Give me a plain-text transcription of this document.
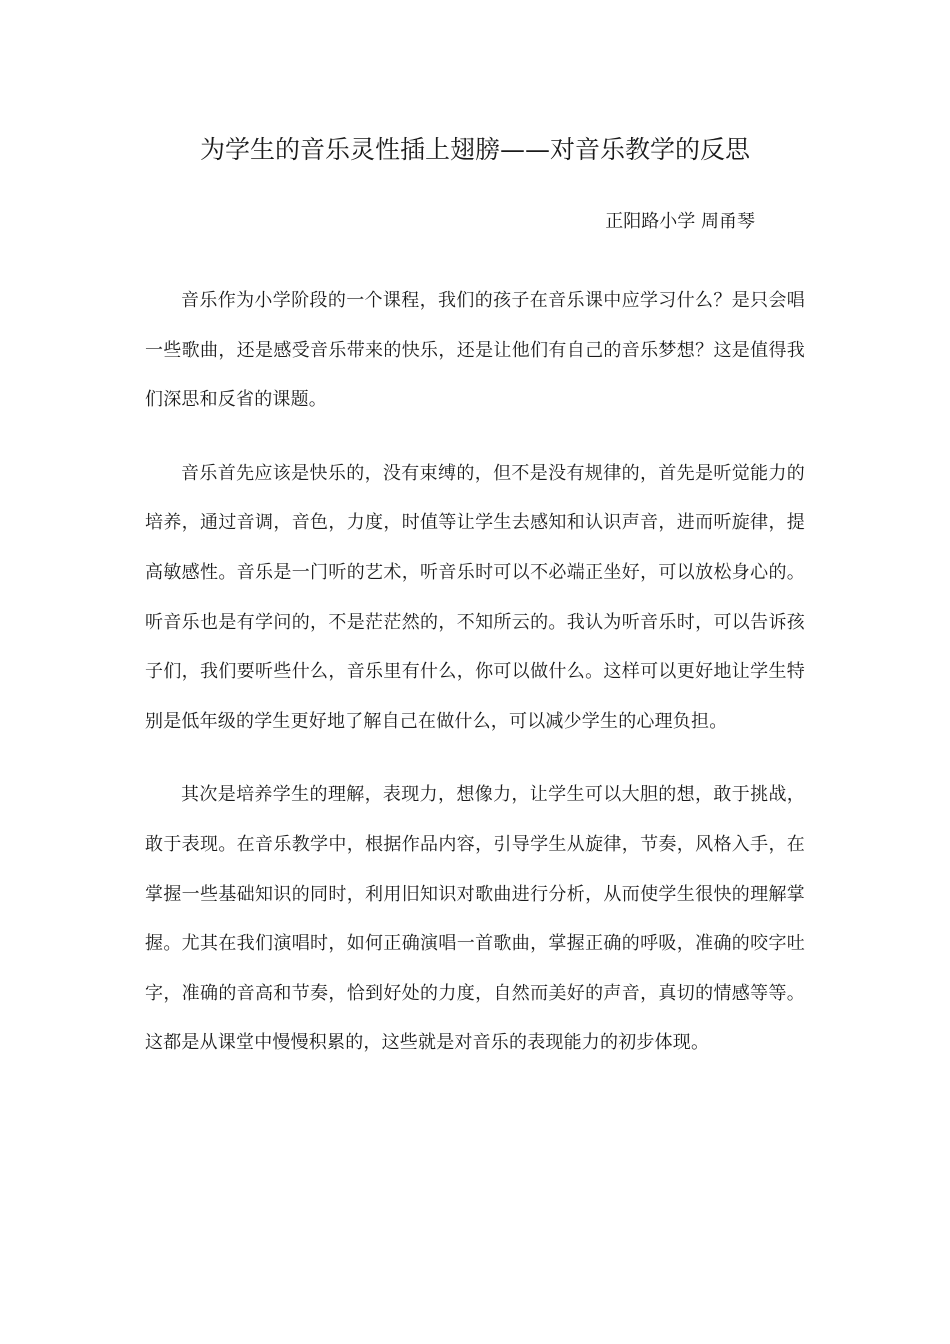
为学生的音乐灵性插上翅膀——对音乐教学的反思
正阳路小学 周甬琴

音乐作为小学阶段的一个课程，我们的孩子在音乐课中应学习什么？是只会唱一些歌曲，还是感受音乐带来的快乐，还是让他们有自己的音乐梦想？这是值得我们深思和反省的课题。

音乐首先应该是快乐的，没有束缚的，但不是没有规律的，首先是听觉能力的培养，通过音调，音色，力度，时值等让学生去感知和认识声音，进而听旋律，提高敏感性。音乐是一门听的艺术，听音乐时可以不必端正坐好，可以放松身心的。听音乐也是有学问的，不是茫茫然的，不知所云的。我认为听音乐时，可以告诉孩子们，我们要听些什么，音乐里有什么，你可以做什么。这样可以更好地让学生特别是低年级的学生更好地了解自己在做什么，可以减少学生的心理负担。

其次是培养学生的理解，表现力，想像力，让学生可以大胆的想，敢于挑战，敢于表现。在音乐教学中，根据作品内容，引导学生从旋律，节奏，风格入手，在掌握一些基础知识的同时，利用旧知识对歌曲进行分析，从而使学生很快的理解掌握。尤其在我们演唱时，如何正确演唱一首歌曲，掌握正确的呼吸，准确的咬字吐字，准确的音高和节奏，恰到好处的力度，自然而美好的声音，真切的情感等等。这都是从课堂中慢慢积累的，这些就是对音乐的表现能力的初步体现。
